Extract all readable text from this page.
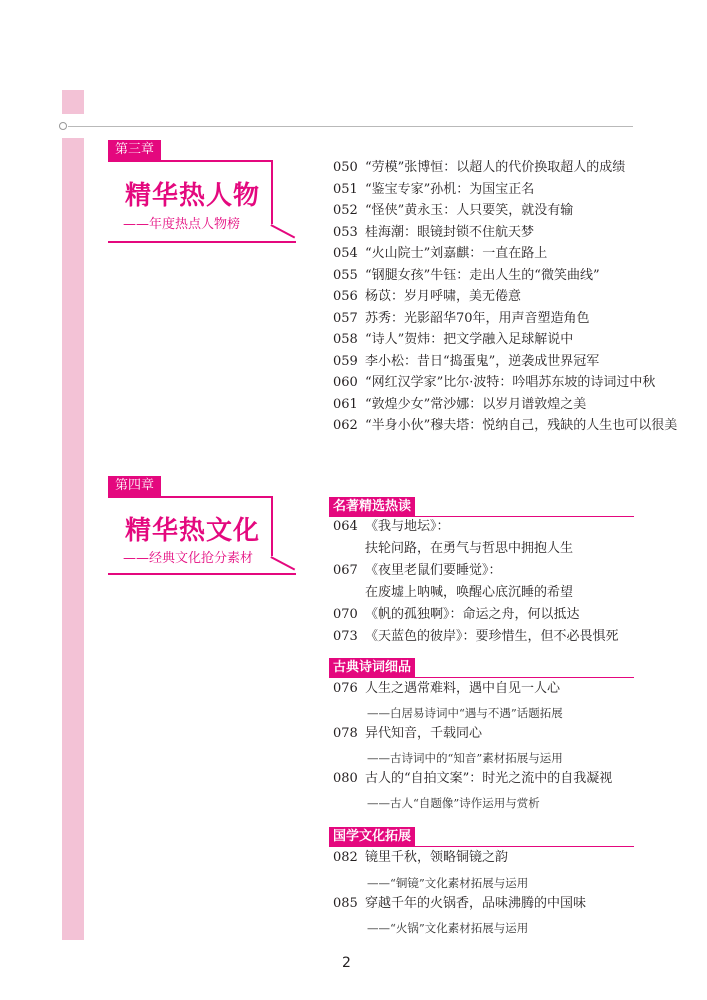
第三章
精华热人物
——年度热点人物榜
050 “劳模”张博恒：以超人的代价换取超人的成绩
051 “鉴宝专家”孙机：为国宝正名
052 “怪侠”黄永玉：人只要笑，就没有输
053 桂海潮：眼镜封锁不住航天梦
054 “火山院士”刘嘉麒：一直在路上
055 “钢腿女孩”牛钰：走出人生的“微笑曲线”
056 杨苡：岁月呼啸，美无倦意
057 苏秀：光影韶华70年，用声音塑造角色
058 “诗人”贺炜：把文学融入足球解说中
059 李小松：昔日“捣蛋鬼”，逆袭成世界冠军
060 “网红汉学家”比尔·波特：吟唱苏东坡的诗词过中秋
061 “敦煌少女”常沙娜：以岁月谱敦煌之美
062 “半身小伙”穆夫塔：悦纳自己，残缺的人生也可以很美
第四章
精华热文化
——经典文化抢分素材
名著精选热读
064 《我与地坛》：
扶轮问路，在勇气与哲思中拥抱人生
067 《夜里老鼠们要睡觉》：
在废墟上呐喊，唤醒心底沉睡的希望
070 《帆的孤独啊》：命运之舟，何以抵达
073 《天蓝色的彼岸》：要珍惜生，但不必畏惧死
古典诗词细品
076 人生之遇常难料，遇中自见一人心
——白居易诗词中“遇与不遇”话题拓展
078 异代知音，千载同心
——古诗词中的“知音”素材拓展与运用
080 古人的“自拍文案”：时光之流中的自我凝视
——古人“自题像”诗作运用与赏析
国学文化拓展
082 镜里千秋，领略铜镜之韵
——“铜镜”文化素材拓展与运用
085 穿越千年的火锅香，品味沸腾的中国味
——“火锅”文化素材拓展与运用
2
